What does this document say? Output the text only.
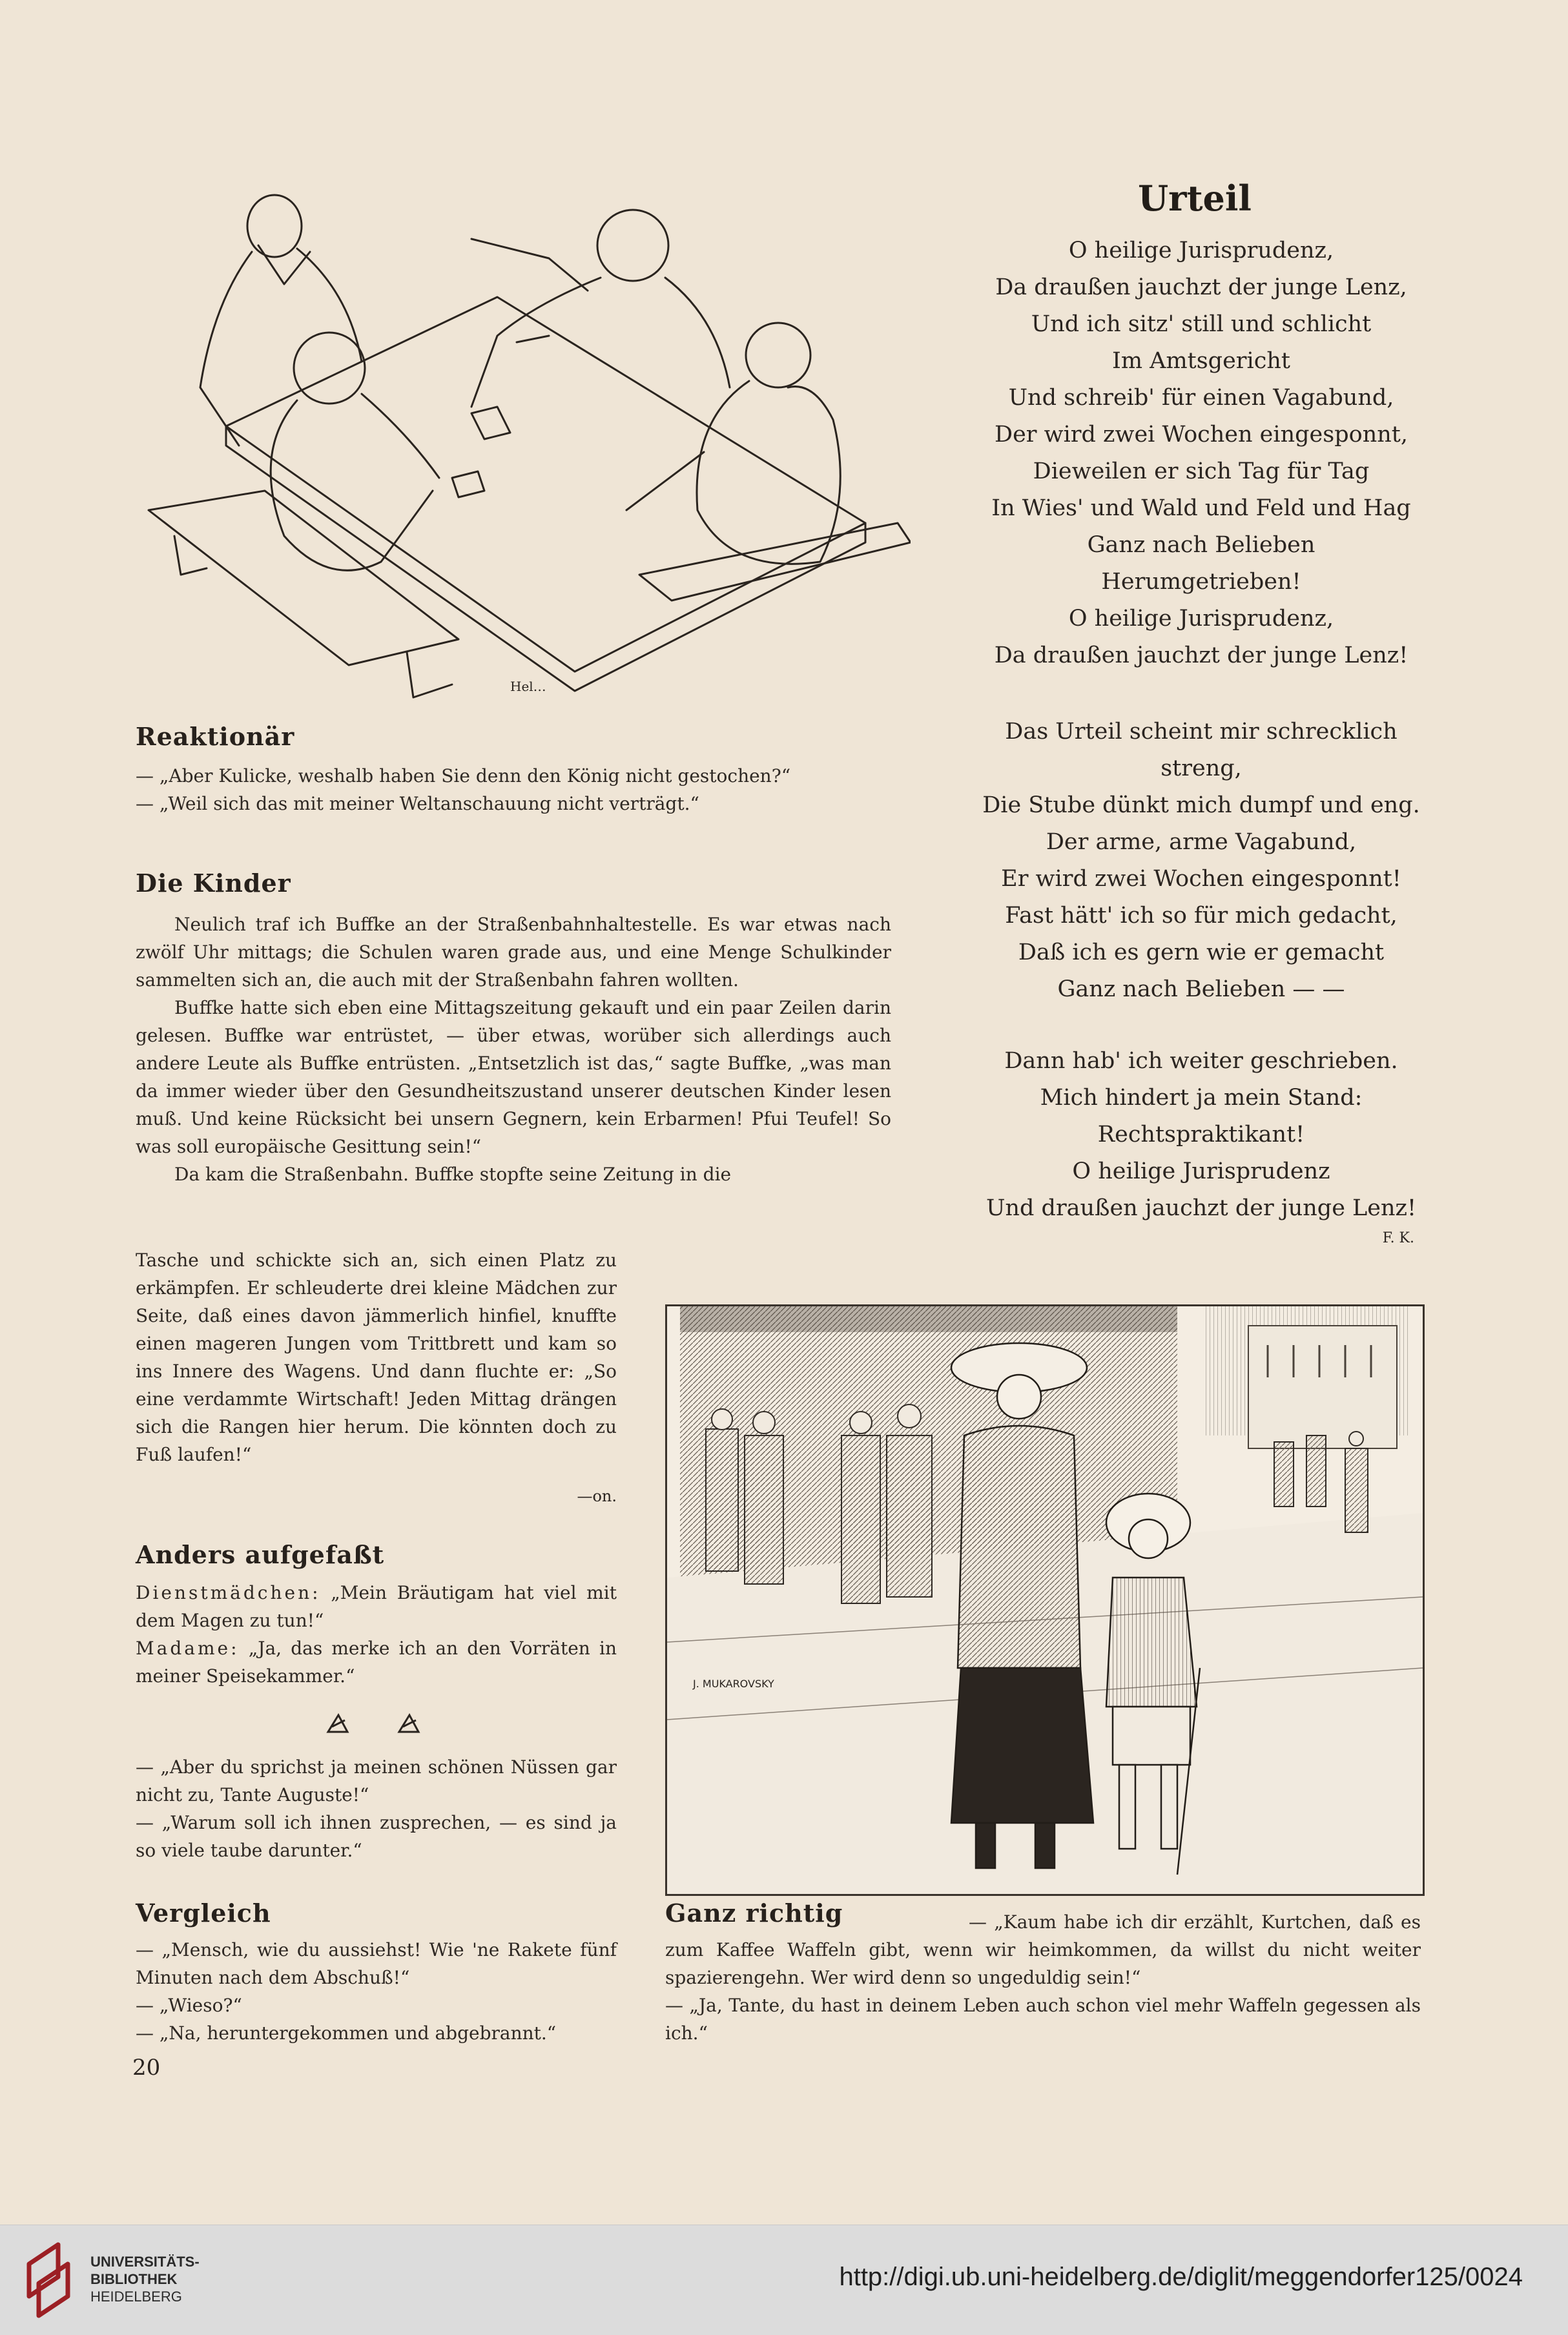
Hel…
Urteil
O heilige Jurisprudenz,
Da draußen jauchzt der junge Lenz,
Und ich sitz' still und schlicht
Im Amtsgericht
Und schreib' für einen Vagabund,
Der wird zwei Wochen eingesponnt,
Dieweilen er sich Tag für Tag
In Wies' und Wald und Feld und Hag
Ganz nach Belieben
Herumgetrieben!
O heilige Jurisprudenz,
Da draußen jauchzt der junge Lenz!
Das Urteil scheint mir schrecklich
streng,
Die Stube dünkt mich dumpf und eng.
Der arme, arme Vagabund,
Er wird zwei Wochen eingesponnt!
Fast hätt' ich so für mich gedacht,
Daß ich es gern wie er gemacht
Ganz nach Belieben — —
Dann hab' ich weiter geschrieben.
Mich hindert ja mein Stand:
Rechtspraktikant!
O heilige Jurisprudenz
Und draußen jauchzt der junge Lenz!
F. K.
Reaktionär

— „Aber Kulicke, weshalb haben Sie denn den König nicht gestochen?“

— „Weil sich das mit meiner Weltanschauung nicht verträgt.“

Die Kinder

Neulich traf ich Buffke an der Straßenbahnhaltestelle. Es war etwas nach zwölf Uhr mittags; die Schulen waren grade aus, und eine Menge Schulkinder sammelten sich an, die auch mit der Straßenbahn fahren wollten.

Buffke hatte sich eben eine Mittagszeitung gekauft und ein paar Zeilen darin gelesen. Buffke war entrüstet, — über etwas, worüber sich allerdings auch andere Leute als Buffke entrüsten. „Entsetzlich ist das,“ sagte Buffke, „was man da immer wieder über den Gesundheitszustand unserer deutschen Kinder lesen muß. Und keine Rücksicht bei unsern Gegnern, kein Erbarmen! Pfui Teufel! So was soll europäische Gesittung sein!“

Da kam die Straßenbahn. Buffke stopfte seine Zeitung in die

Tasche und schickte sich an, sich einen Platz zu erkämpfen. Er schleuderte drei kleine Mädchen zur Seite, daß eines davon jämmerlich hinfiel, knuffte einen mageren Jungen vom Trittbrett und kam so ins Innere des Wagens. Und dann fluchte er: „So eine verdammte Wirtschaft! Jeden Mittag drängen sich die Rangen hier herum. Die könnten doch zu Fuß laufen!“

—on.
J. MUKAROVSKY
Anders aufgefaßt

Dienstmädchen: „Mein Bräutigam hat viel mit dem Magen zu tun!“

Madame: „Ja, das merke ich an den Vorräten in meiner Speisekammer.“

— „Aber du sprichst ja meinen schönen Nüssen gar nicht zu, Tante Auguste!“

— „Warum soll ich ihnen zusprechen, — es sind ja so viele taube darunter.“

Vergleich

— „Mensch, wie du aussiehst! Wie 'ne Rakete fünf Minuten nach dem Abschuß!“

— „Wieso?“

— „Na, heruntergekommen und abgebrannt.“

Ganz richtig	— „Kaum habe ich dir erzählt, Kurtchen, daß es zum Kaffee Waffeln gibt, wenn wir heimkommen, da willst du nicht weiter spazierengehn. Wer wird denn so ungeduldig sein!“
— „Ja, Tante, du hast in deinem Leben auch schon viel mehr Waffeln gegessen als ich.“
20
UNIVERSITÄTS-
BIBLIOTHEK
HEIDELBERG
http://digi.ub.uni-heidelberg.de/diglit/meggendorfer125/0024
